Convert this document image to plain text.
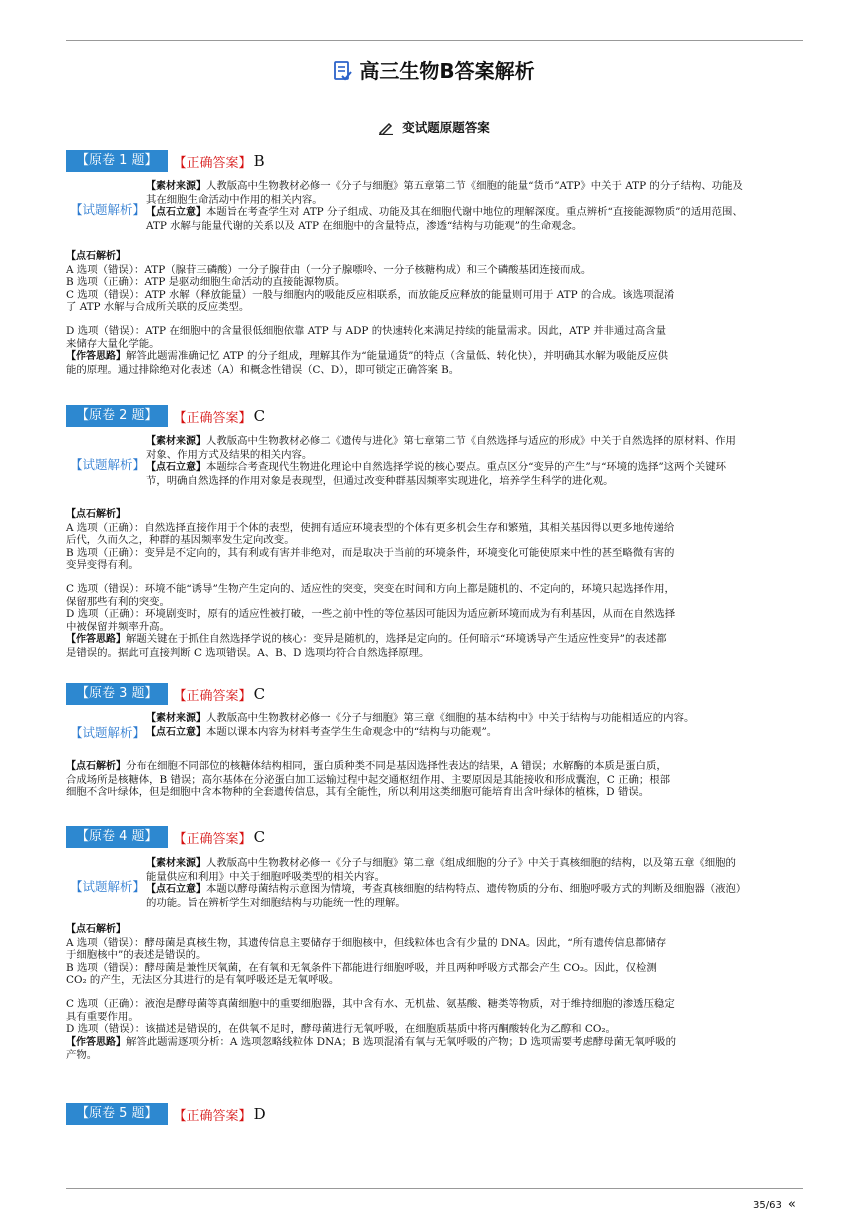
高三生物B答案解析
变试题原题答案
【原卷 1 题】	【正确答案】 B
【试题解析】

【素材来源】人教版高中生物教材必修一《分子与细胞》第五章第二节《细胞的能量“货币”ATP》中关于 ATP 的分子结构、功能及其在细胞生命活动中作用的相关内容。

【点石立意】本题旨在考查学生对 ATP 分子组成、功能及其在细胞代谢中地位的理解深度。重点辨析“直接能源物质”的适用范围、ATP 水解与能量代谢的关系以及 ATP 在细胞中的含量特点，渗透“结构与功能观”的生命观念。

【点石解析】

A 选项（错误）：ATP（腺苷三磷酸）一分子腺苷由（一分子腺嘌呤、一分子核糖构成）和三个磷酸基团连接而成。

B 选项（正确）：ATP 是驱动细胞生命活动的直接能源物质。

C 选项（错误）：ATP 水解（释放能量）一般与细胞内的吸能反应相联系，而放能反应释放的能量则可用于 ATP 的合成。该选项混淆了 ATP 水解与合成所关联的反应类型。

D 选项（错误）：ATP 在细胞中的含量很低细胞依靠 ATP 与 ADP 的快速转化来满足持续的能量需求。因此，ATP 并非通过高含量来储存大量化学能。

【作答思路】解答此题需准确记忆 ATP 的分子组成，理解其作为“能量通货”的特点（含量低、转化快），并明确其水解为吸能反应供能的原理。通过排除绝对化表述（A）和概念性错误（C、D），即可锁定正确答案 B。

【原卷 2 题】	【正确答案】 C
【试题解析】

【素材来源】人教版高中生物教材必修二《遗传与进化》第七章第二节《自然选择与适应的形成》中关于自然选择的原材料、作用对象、作用方式及结果的相关内容。

【点石立意】本题综合考查现代生物进化理论中自然选择学说的核心要点。重点区分“变异的产生”与“环境的选择”这两个关键环节，明确自然选择的作用对象是表现型，但通过改变种群基因频率实现进化，培养学生科学的进化观。

【点石解析】

A 选项（正确）：自然选择直接作用于个体的表型，使拥有适应环境表型的个体有更多机会生存和繁殖，其相关基因得以更多地传递给后代，久而久之，种群的基因频率发生定向改变。

B 选项（正确）：变异是不定向的，其有利或有害并非绝对，而是取决于当前的环境条件，环境变化可能使原来中性的甚至略微有害的变异变得有利。

C 选项（错误）：环境不能“诱导”生物产生定向的、适应性的突变，突变在时间和方向上都是随机的、不定向的，环境只起选择作用，保留那些有利的突变。

D 选项（正确）：环境剧变时，原有的适应性被打破，一些之前中性的等位基因可能因为适应新环境而成为有利基因，从而在自然选择中被保留并频率升高。

【作答思路】解题关键在于抓住自然选择学说的核心：变异是随机的，选择是定向的。任何暗示“环境诱导产生适应性变异”的表述都是错误的。据此可直接判断 C 选项错误。A、B、D 选项均符合自然选择原理。

【原卷 3 题】	【正确答案】 C
【试题解析】

【素材来源】人教版高中生物教材必修一《分子与细胞》第三章《细胞的基本结构中》中关于结构与功能相适应的内容。

【点石立意】本题以课本内容为材料考查学生生命观念中的“结构与功能观”。

【点石解析】分布在细胞不同部位的核糖体结构相同，蛋白质种类不同是基因选择性表达的结果，A 错误；水解酶的本质是蛋白质，合成场所是核糖体，B 错误；高尔基体在分泌蛋白加工运输过程中起交通枢纽作用、主要原因是其能接收和形成囊泡，C 正确；根部细胞不含叶绿体，但是细胞中含本物种的全套遗传信息，其有全能性，所以利用这类细胞可能培育出含叶绿体的植株，D 错误。

【原卷 4 题】	【正确答案】 C
【试题解析】

【素材来源】人教版高中生物教材必修一《分子与细胞》第二章《组成细胞的分子》中关于真核细胞的结构，以及第五章《细胞的能量供应和利用》中关于细胞呼吸类型的相关内容。

【点石立意】本题以酵母菌结构示意图为情境，考查真核细胞的结构特点、遗传物质的分布、细胞呼吸方式的判断及细胞器（液泡）的功能。旨在辨析学生对细胞结构与功能统一性的理解。

【点石解析】

A 选项（错误）：酵母菌是真核生物，其遗传信息主要储存于细胞核中，但线粒体也含有少量的 DNA。因此，“所有遗传信息都储存于细胞核中”的表述是错误的。

B 选项（错误）：酵母菌是兼性厌氧菌，在有氧和无氧条件下都能进行细胞呼吸，并且两种呼吸方式都会产生 CO₂。因此，仅检测 CO₂ 的产生，无法区分其进行的是有氧呼吸还是无氧呼吸。

C 选项（正确）：液泡是酵母菌等真菌细胞中的重要细胞器，其中含有水、无机盐、氨基酸、糖类等物质，对于维持细胞的渗透压稳定具有重要作用。

D 选项（错误）：该描述是错误的，在供氧不足时，酵母菌进行无氧呼吸，在细胞质基质中将丙酮酸转化为乙醇和 CO₂。

【作答思路】解答此题需逐项分析：A 选项忽略线粒体 DNA；B 选项混淆有氧与无氧呼吸的产物；D 选项需要考虑酵母菌无氧呼吸的产物。

【原卷 5 题】	【正确答案】 D
35/63 «
